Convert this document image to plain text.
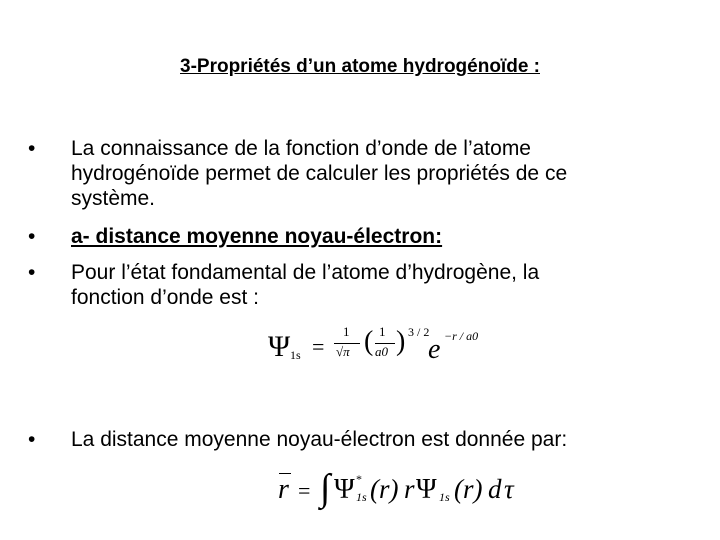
3-Propriétés d’un atome hydrogénoïde :
•	La connaissance de la fonction d’onde de l’atome
hydrogénoïde permet de calculer les propriétés de ce
système.
•	a- distance moyenne noyau-électron:
•	Pour l’état fondamental de l’atome d’hydrogène, la
fonction d’onde est :
•	La distance moyenne noyau-électron est donnée par:
Ψ 1s =
1
√π ( 1
a0 ) 3 / 2
e −r / a0
r = ∫ Ψ *
1s (r) r Ψ 1s (r) d τ
